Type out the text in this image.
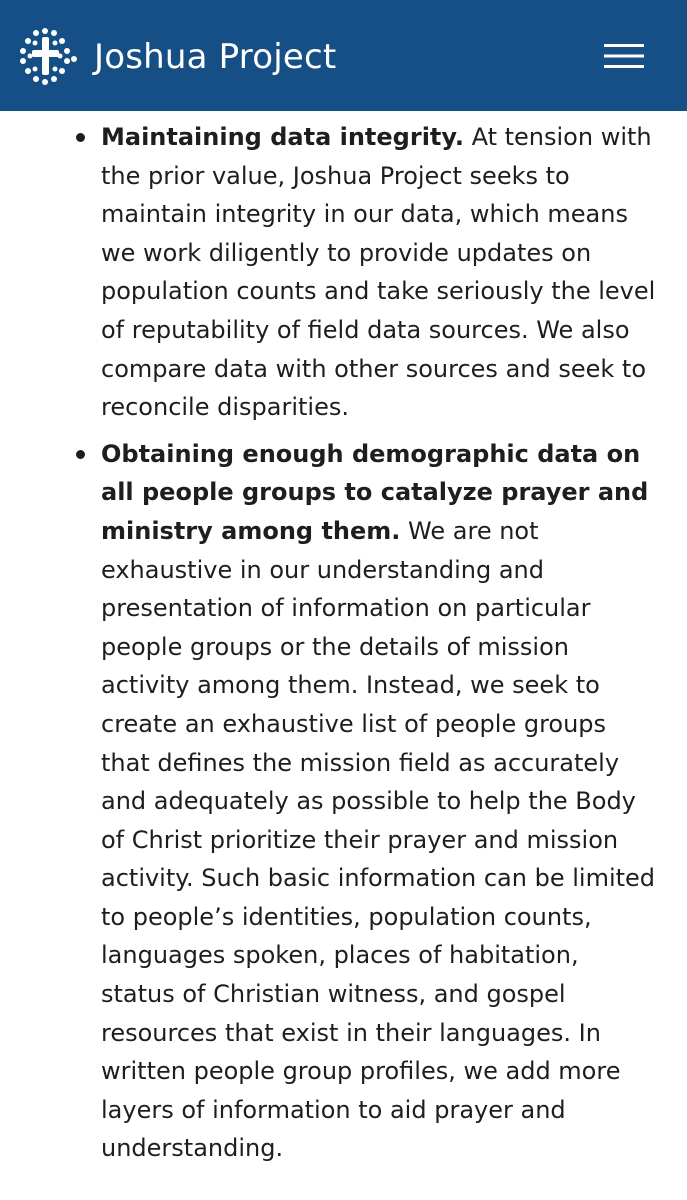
Joshua Project
Maintaining data integrity. At tension with the prior value, Joshua Project seeks to maintain integrity in our data, which means we work diligently to provide updates on population counts and take seriously the level of reputability of field data sources. We also compare data with other sources and seek to reconcile disparities.
Obtaining enough demographic data on all people groups to catalyze prayer and ministry among them. We are not exhaustive in our understanding and presentation of information on particular people groups or the details of mission activity among them. Instead, we seek to create an exhaustive list of people groups that defines the mission field as accurately and adequately as possible to help the Body of Christ prioritize their prayer and mission activity. Such basic information can be limited to people’s identities, population counts, languages spoken, places of habitation, status of Christian witness, and gospel resources that exist in their languages. In written people group profiles, we add more layers of information to aid prayer and understanding.
